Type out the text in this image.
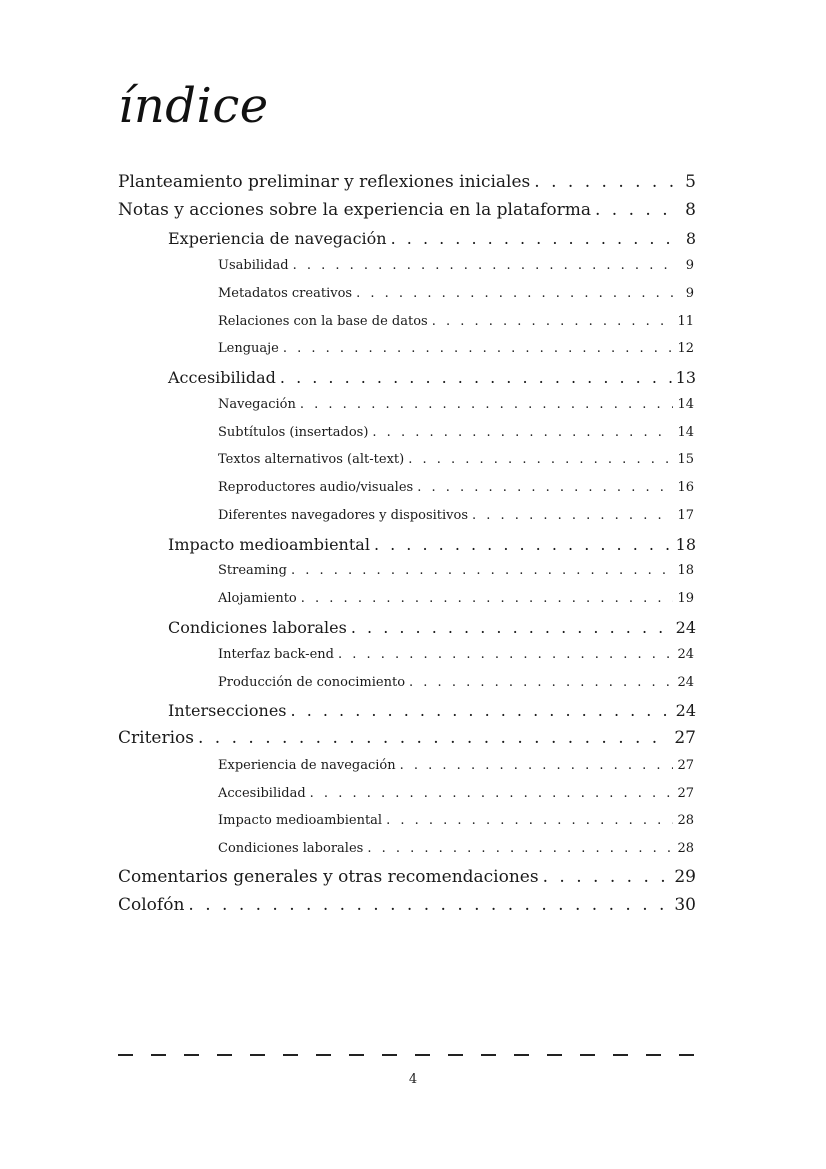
índice
Planteamiento preliminar y reflexiones iniciales . . .	5
Notas y acciones sobre la experiencia en la plataforma . . .	8
Experiencia de navegación . . .	8
Usabilidad . . .	9
Metadatos creativos . . .	9
Relaciones con la base de datos . . .	11
Lenguaje . . .	12
Accesibilidad . . .	13
Navegación . . .	14
Subtítulos (insertados) . . .	14
Textos alternativos (alt-text) . . .	15
Reproductores audio/visuales . . .	16
Diferentes navegadores y dispositivos . . .	17
Impacto medioambiental . . .	18
Streaming . . .	18
Alojamiento . . .	19
Condiciones laborales . . .	24
Interfaz back-end . . .	24
Producción de conocimiento . . .	24
Intersecciones . . .	24
Criterios . . .	27
Experiencia de navegación . . .	27
Accesibilidad . . .	27
Impacto medioambiental . . .	28
Condiciones laborales . . .	28
Comentarios generales y otras recomendaciones . . .	29
Colofón . . .	30
4
